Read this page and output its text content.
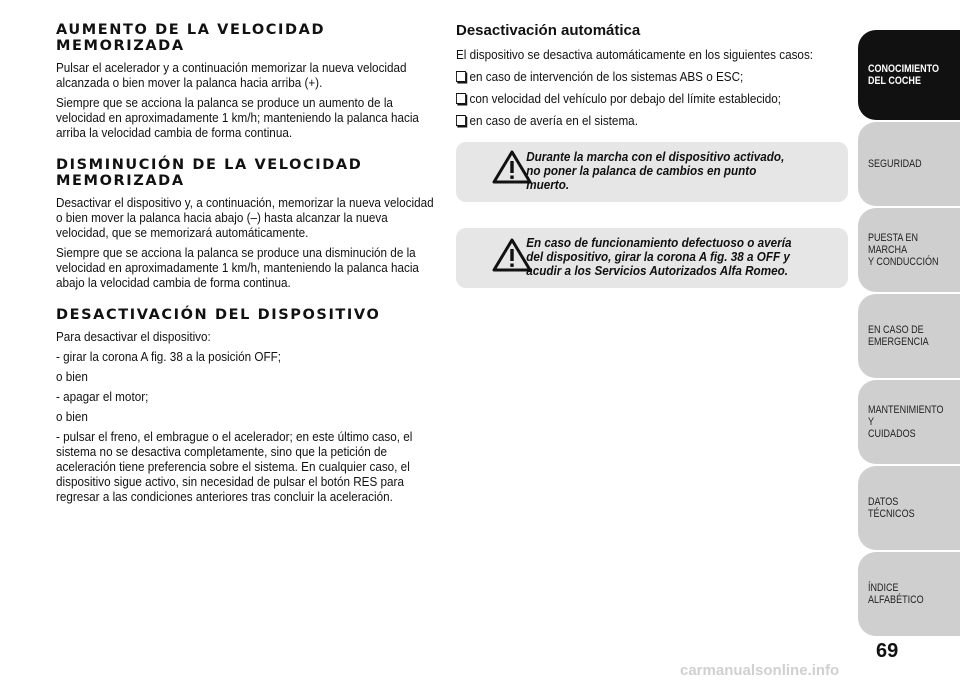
AUMENTO DE LA VELOCIDAD MEMORIZADA

Pulsar el acelerador y a continuación memorizar la nueva velocidad alcanzada o bien mover la palanca hacia arriba (+).

Siempre que se acciona la palanca se produce un aumento de la velocidad en aproximadamente 1 km/h; manteniendo la palanca hacia arriba la velocidad cambia de forma continua.

DISMINUCIÓN DE LA VELOCIDAD MEMORIZADA

Desactivar el dispositivo y, a continuación, memorizar la nueva velocidad o bien mover la palanca hacia abajo (–) hasta alcanzar la nueva velocidad, que se memorizará automáticamente.

Siempre que se acciona la palanca se produce una disminución de la velocidad en aproximadamente 1 km/h, manteniendo la palanca hacia abajo la velocidad cambia de forma continua.

DESACTIVACIÓN DEL DISPOSITIVO

Para desactivar el dispositivo:

- girar la corona A fig. 38 a la posición OFF;

o bien

- apagar el motor;

o bien

- pulsar el freno, el embrague o el acelerador; en este último caso, el sistema no se desactiva completamente, sino que la petición de aceleración tiene preferencia sobre el sistema. En cualquier caso, el dispositivo sigue activo, sin necesidad de pulsar el botón RES para regresar a las condiciones anteriores tras concluir la aceleración.

Desactivación automática
El dispositivo se desactiva automáticamente en los siguientes casos:
en caso de intervención de los sistemas ABS o ESC;
con velocidad del vehículo por debajo del límite establecido;
en caso de avería en el sistema.

Durante la marcha con el dispositivo activado, no poner la palanca de cambios en punto muerto.

En caso de funcionamiento defectuoso o avería del dispositivo, girar la corona A fig. 38 a OFF y acudir a los Servicios Autorizados Alfa Romeo.

CONOCIMIENTO
DEL COCHE
SEGURIDAD
PUESTA EN MARCHA
Y CONDUCCIÓN
EN CASO DE
EMERGENCIA
MANTENIMIENTO Y
CUIDADOS
DATOS TÉCNICOS
ÍNDICE ALFABÉTICO
69
carmanualsonline.info
